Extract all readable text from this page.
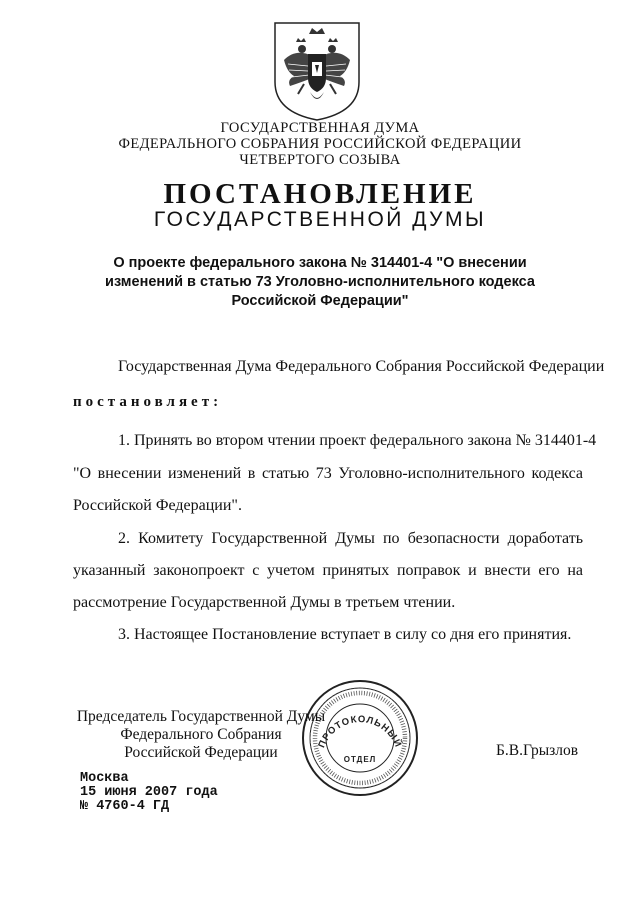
ГОСУДАРСТВЕННАЯ ДУМА
ФЕДЕРАЛЬНОГО СОБРАНИЯ РОССИЙСКОЙ ФЕДЕРАЦИИ
ЧЕТВЕРТОГО СОЗЫВА
ПОСТАНОВЛЕНИЕ
ГОСУДАРСТВЕННОЙ ДУМЫ
О проекте федерального закона № 314401-4 "О внесении
изменений в статью 73 Уголовно-исполнительного кодекса
Российской Федерации"
Государственная Дума Федерального Собрания Российской Федерации
постановляет:
1. Принять во втором чтении проект федерального закона № 314401-4
"О внесении изменений в статью 73 Уголовно-исполнительного кодекса
Российской Федерации".
2. Комитету Государственной Думы по безопасности доработать
указанный законопроект с учетом принятых поправок и внести его на
рассмотрение Государственной Думы в третьем чтении.
3. Настоящее Постановление вступает в силу со дня его принятия.
ПРОТОКОЛЬНЫЙ
ОТДЕЛ
Председатель Государственной Думы
Федерального Собрания
Российской Федерации	Б.В.Грызлов
Москва
15 июня 2007 года
№ 4760-4 ГД
